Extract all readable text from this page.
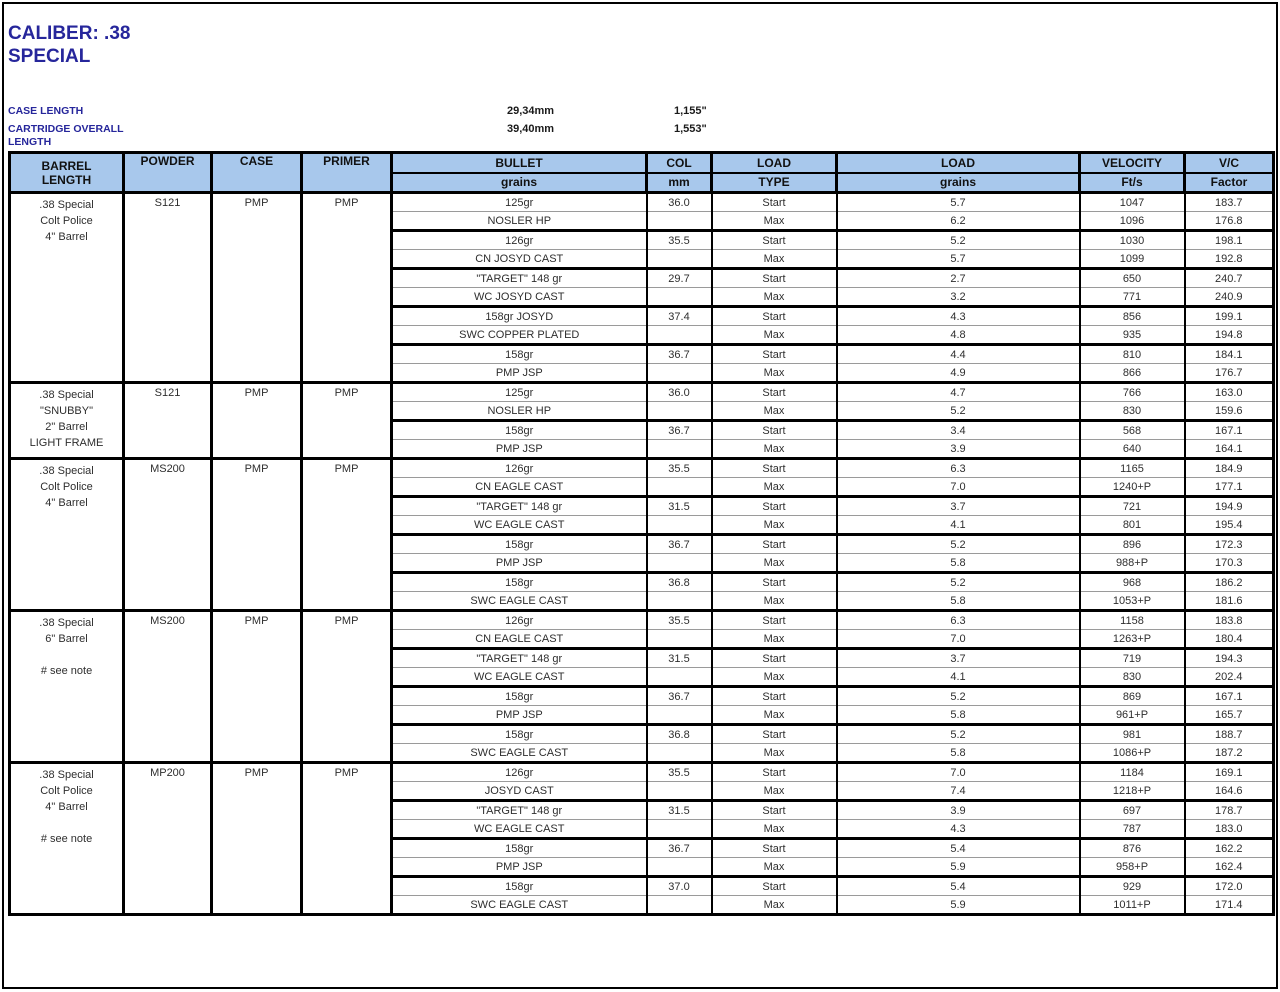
CALIBER: .38
SPECIAL
CASE LENGTH	29,34mm	1,155"
CARTRIDGE OVERALL LENGTH
39,40mm	1,553"
BARREL
LENGTH	POWDER	CASE	PRIMER	BULLET	COL	LOAD	LOAD	VELOCITY	V/C
				grains	mm	TYPE	grains	Ft/s	Factor

.38 Special
Colt Police
4" Barrel	S121	PMP	PMP	125gr	36.0	Start	5.7	1047	183.7
				NOSLER HP		Max	6.2	1096	176.8
				126gr	35.5	Start	5.2	1030	198.1
				CN JOSYD CAST		Max	5.7	1099	192.8
				"TARGET" 148 gr	29.7	Start	2.7	650	240.7
				WC JOSYD CAST		Max	3.2	771	240.9
				158gr JOSYD	37.4	Start	4.3	856	199.1
				SWC COPPER PLATED		Max	4.8	935	194.8
				158gr	36.7	Start	4.4	810	184.1
				PMP JSP		Max	4.9	866	176.7

.38 Special
"SNUBBY"
2" Barrel
LIGHT FRAME	S121	PMP	PMP	125gr	36.0	Start	4.7	766	163.0
				NOSLER HP		Max	5.2	830	159.6
				158gr	36.7	Start	3.4	568	167.1
				PMP JSP		Max	3.9	640	164.1

.38 Special
Colt Police
4" Barrel	MS200	PMP	PMP	126gr	35.5	Start	6.3	1165	184.9
				CN EAGLE CAST		Max	7.0	1240+P	177.1
				"TARGET" 148 gr	31.5	Start	3.7	721	194.9
				WC EAGLE CAST		Max	4.1	801	195.4
				158gr	36.7	Start	5.2	896	172.3
				PMP JSP		Max	5.8	988+P	170.3
				158gr	36.8	Start	5.2	968	186.2
				SWC EAGLE CAST		Max	5.8	1053+P	181.6

.38 Special
6" Barrel
# see note	MS200	PMP	PMP	126gr	35.5	Start	6.3	1158	183.8
				CN EAGLE CAST		Max	7.0	1263+P	180.4
				"TARGET" 148 gr	31.5	Start	3.7	719	194.3
				WC EAGLE CAST		Max	4.1	830	202.4
				158gr	36.7	Start	5.2	869	167.1
				PMP JSP		Max	5.8	961+P	165.7
				158gr	36.8	Start	5.2	981	188.7
				SWC EAGLE CAST		Max	5.8	1086+P	187.2

.38 Special
Colt Police
4" Barrel
# see note	MP200	PMP	PMP	126gr	35.5	Start	7.0	1184	169.1
				JOSYD CAST		Max	7.4	1218+P	164.6
				"TARGET" 148 gr	31.5	Start	3.9	697	178.7
				WC EAGLE CAST		Max	4.3	787	183.0
				158gr	36.7	Start	5.4	876	162.2
				PMP JSP		Max	5.9	958+P	162.4
				158gr	37.0	Start	5.4	929	172.0
				SWC EAGLE CAST		Max	5.9	1011+P	171.4
